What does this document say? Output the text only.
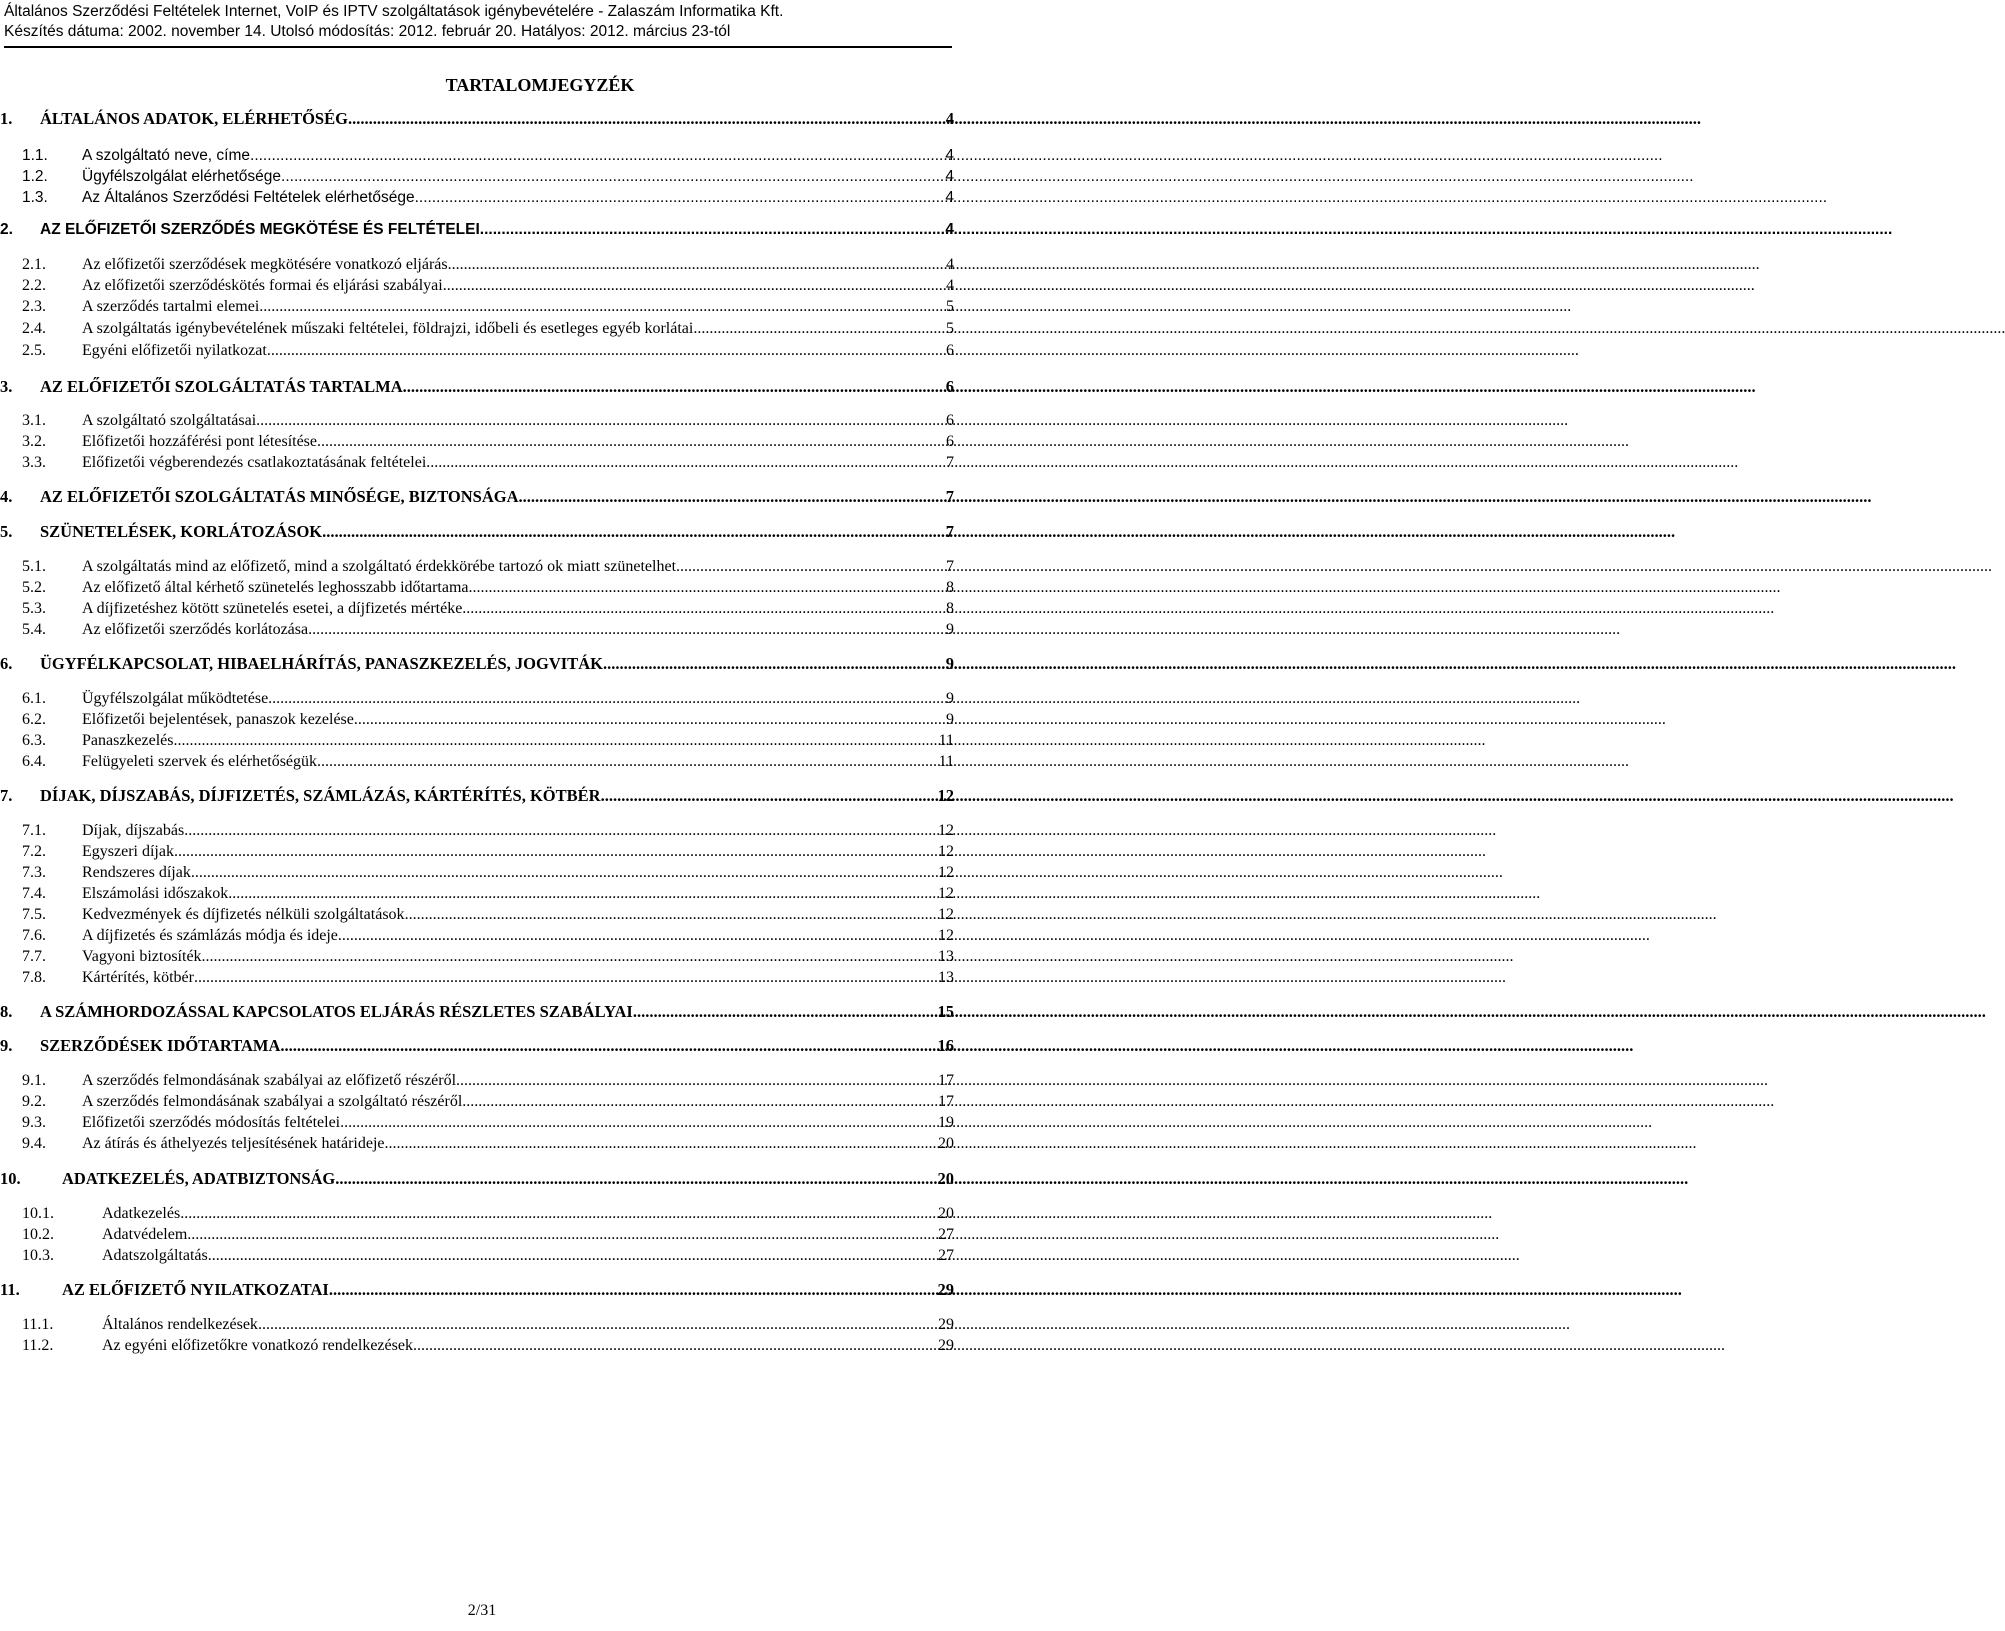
Általános Szerződési Feltételek Internet, VoIP és IPTV szolgáltatások igénybevételére - Zalaszám Informatika Kft.
Készítés dátuma: 2002. november 14. Utolsó módosítás: 2012. február 20. Hatályos: 2012. március 23-tól
TARTALOMJEGYZÉK
1.	ÁLTALÁNOS ADATOK, ELÉRHETŐSÉG .....	4
1.1.	A szolgáltató neve, címe .....	4
1.2.	Ügyfélszolgálat elérhetősége .....	4
1.3.	Az Általános Szerződési Feltételek elérhetősége .....	4
2.	AZ ELŐFIZETŐI SZERZŐDÉS MEGKÖTÉSE ÉS FELTÉTELEI .....	4
2.1.	Az előfizetői szerződések megkötésére vonatkozó eljárás .....	4
2.2.	Az előfizetői szerződéskötés formai és eljárási szabályai .....	4
2.3.	A szerződés tartalmi elemei .....	5
2.4.	A szolgáltatás igénybevételének műszaki feltételei, földrajzi, időbeli és esetleges egyéb korlátai .....	5
2.5.	Egyéni előfizetői nyilatkozat .....	6
3.	AZ ELŐFIZETŐI SZOLGÁLTATÁS TARTALMA .....	6
3.1.	A szolgáltató szolgáltatásai .....	6
3.2.	Előfizetői hozzáférési pont létesítése .....	6
3.3.	Előfizetői végberendezés csatlakoztatásának feltételei .....	7
4.	AZ ELŐFIZETŐI SZOLGÁLTATÁS MINŐSÉGE, BIZTONSÁGA .....	7
5.	SZÜNETELÉSEK, KORLÁTOZÁSOK .....	7
5.1.	A szolgáltatás mind az előfizető, mind a szolgáltató érdekkörébe tartozó ok miatt szünetelhet. .....	7
5.2.	Az előfizető által kérhető szünetelés leghosszabb időtartama .....	8
5.3.	A díjfizetéshez kötött szünetelés esetei, a díjfizetés mértéke .....	8
5.4.	Az előfizetői szerződés korlátozása .....	9
6.	ÜGYFÉLKAPCSOLAT, HIBAELHÁRÍTÁS, PANASZKEZELÉS, JOGVITÁK .....	9
6.1.	Ügyfélszolgálat működtetése .....	9
6.2.	Előfizetői bejelentések, panaszok kezelése .....	9
6.3.	Panaszkezelés .....	11
6.4.	Felügyeleti szervek és elérhetőségük .....	11
7.	DÍJAK, DÍJSZABÁS, DÍJFIZETÉS, SZÁMLÁZÁS, KÁRTÉRÍTÉS, KÖTBÉR .....	12
7.1.	Díjak, díjszabás .....	12
7.2.	Egyszeri díjak .....	12
7.3.	Rendszeres díjak .....	12
7.4.	Elszámolási időszakok .....	12
7.5.	Kedvezmények és díjfizetés nélküli szolgáltatások .....	12
7.6.	A díjfizetés és számlázás módja és ideje .....	12
7.7.	Vagyoni biztosíték .....	13
7.8.	Kártérítés, kötbér .....	13
8.	A SZÁMHORDOZÁSSAL KAPCSOLATOS ELJÁRÁS RÉSZLETES SZABÁLYAI .....	15
9.	SZERZŐDÉSEK IDŐTARTAMA .....	16
9.1.	A szerződés felmondásának szabályai az előfizető részéről .....	17
9.2.	A szerződés felmondásának szabályai a szolgáltató részéről .....	17
9.3.	Előfizetői szerződés módosítás feltételei .....	19
9.4.	Az átírás és áthelyezés teljesítésének határideje .....	20
10.	ADATKEZELÉS, ADATBIZTONSÁG .....	20
10.1.	Adatkezelés .....	20
10.2.	Adatvédelem .....	27
10.3.	Adatszolgáltatás .....	27
11.	AZ ELŐFIZETŐ NYILATKOZATAI .....	29
11.1.	Általános rendelkezések .....	29
11.2.	Az egyéni előfizetőkre vonatkozó rendelkezések .....	29
2/31
